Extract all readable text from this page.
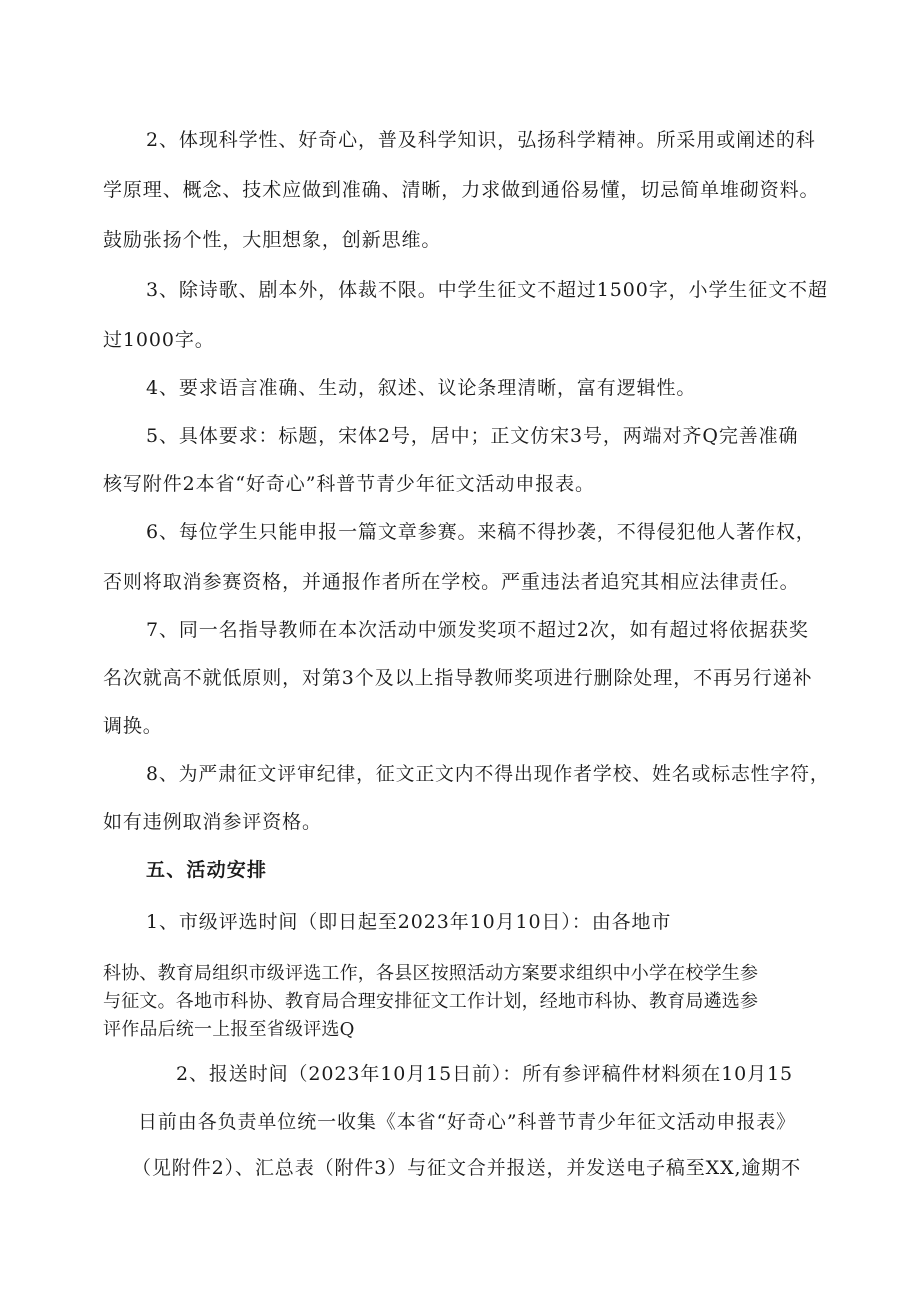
2、体现科学性、好奇心，普及科学知识，弘扬科学精神。所采用或阐述的科
学原理、概念、技术应做到准确、清晰，力求做到通俗易懂，切忌简单堆砌资料。
鼓励张扬个性，大胆想象，创新思维。
3、除诗歌、剧本外，体裁不限。中学生征文不超过1500字，小学生征文不超
过1000字。
4、要求语言准确、生动，叙述、议论条理清晰，富有逻辑性。
5、具体要求：标题，宋体2号，居中；正文仿宋3号，两端对齐Q完善准确
核写附件2本省“好奇心”科普节青少年征文活动申报表。
6、每位学生只能申报一篇文章参赛。来稿不得抄袭，不得侵犯他人著作权，
否则将取消参赛资格，并通报作者所在学校。严重违法者追究其相应法律责任。
7、同一名指导教师在本次活动中颁发奖项不超过2次，如有超过将依据获奖
名次就高不就低原则，对第3个及以上指导教师奖项进行删除处理，不再另行递补
调换。
8、为严肃征文评审纪律，征文正文内不得出现作者学校、姓名或标志性字符，
如有违例取消参评资格。
五、活动安排
1、市级评选时间（即日起至2023年10月10日）：由各地市
科协、教育局组织市级评选工作，各县区按照活动方案要求组织中小学在校学生参
与征文。各地市科协、教育局合理安排征文工作计划，经地市科协、教育局遴选参
评作品后统一上报至省级评选Q
2、报送时间（2023年10月15日前）：所有参评稿件材料须在10月15
日前由各负责单位统一收集《本省“好奇心”科普节青少年征文活动申报表》
（见附件2）、汇总表（附件3）与征文合并报送，并发送电子稿至XX,逾期不
